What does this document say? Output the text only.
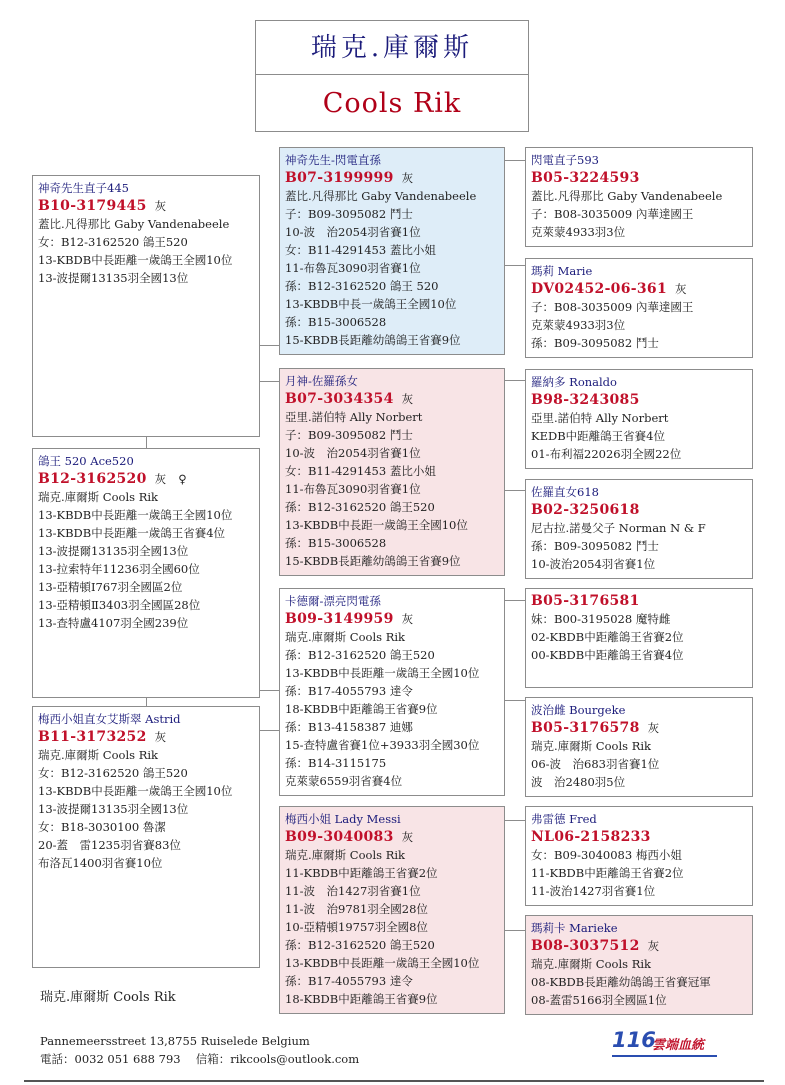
瑞克.庫爾斯
Cools Rik
神奇先生直子445
B10-3179445 灰
蓋比.凡得那比 Gaby Vandenabeele
女：B12-3162520 鴿王520
13-KBDB中長距離一歲鴿王全國10位
13-波提爾13135羽全國13位
鴿王 520 Ace520
B12-3162520 灰　♀
瑞克.庫爾斯 Cools Rik
13-KBDB中長距離一歲鴿王全國10位
13-KBDB中長距離一歲鴿王省賽4位
13-波提爾13135羽全國13位
13-拉索特年11236羽全國60位
13-亞精頓Ⅰ767羽全國區2位
13-亞精頓Ⅱ3403羽全國區28位
13-查特盧4107羽全國239位
梅西小姐直女艾斯翠 Astrid
B11-3173252 灰
瑞克.庫爾斯 Cools Rik
女：B12-3162520 鴿王520
13-KBDB中長距離一歲鴿王全國10位
13-波提爾13135羽全國13位
女：B18-3030100 魯潔
20-蓋　雷1235羽省賽83位
布洛瓦1400羽省賽10位
神奇先生-閃電直孫
B07-3199999 灰
蓋比.凡得那比 Gaby Vandenabeele
子：B09-3095082 鬥士
10-波　治2054羽省賽1位
女：B11-4291453 蓋比小姐
11-布魯瓦3090羽省賽1位
孫：B12-3162520 鴿王 520
13-KBDB中長一歲鴿王全國10位
孫：B15-3006528
15-KBDB長距離幼鴿鴿王省賽9位
月神-佐羅孫女
B07-3034354 灰
亞里.諾伯特 Ally Norbert
子：B09-3095082 鬥士
10-波　治2054羽省賽1位
女：B11-4291453 蓋比小姐
11-布魯瓦3090羽省賽1位
孫：B12-3162520 鴿王520
13-KBDB中長距一歲鴿王全國10位
孫：B15-3006528
15-KBDB長距離幼鴿鴿王省賽9位
卡德爾-漂亮閃電孫
B09-3149959 灰
瑞克.庫爾斯 Cools Rik
孫：B12-3162520 鴿王520
13-KBDB中長距離一歲鴿王全國10位
孫：B17-4055793 達令
18-KBDB中距離鴿王省賽9位
孫：B13-4158387 迪娜
15-查特盧省賽1位+3933羽全國30位
孫：B14-3115175
克萊蒙6559羽省賽4位
梅西小姐 Lady Messi
B09-3040083 灰
瑞克.庫爾斯 Cools Rik
11-KBDB中距離鴿王省賽2位
11-波　治1427羽省賽1位
11-波　治9781羽全國28位
10-亞精頓19757羽全國8位
孫：B12-3162520 鴿王520
13-KBDB中長距離一歲鴿王全國10位
孫：B17-4055793 達令
18-KBDB中距離鴿王省賽9位
閃電直子593
B05-3224593
蓋比.凡得那比 Gaby Vandenabeele
子：B08-3035009 內華達國王
克萊蒙4933羽3位
瑪莉 Marie
DV02452-06-361 灰
子：B08-3035009 內華達國王
克萊蒙4933羽3位
孫：B09-3095082 鬥士
羅納多 Ronaldo
B98-3243085
亞里.諾伯特 Ally Norbert
KEDB中距離鴿王省賽4位
01-布利福22026羽全國22位
佐羅直女618
B02-3250618
尼古拉.諾曼父子 Norman N & F
孫：B09-3095082 鬥士
10-波治2054羽省賽1位
B05-3176581
妹：B00-3195028 魔特雌
02-KBDB中距離鴿王省賽2位
00-KBDB中距離鴿王省賽4位
波治雌 Bourgeke
B05-3176578 灰
瑞克.庫爾斯 Cools Rik
06-波　治683羽省賽1位
波　治2480羽5位
弗雷德 Fred
NL06-2158233
女：B09-3040083 梅西小姐
11-KBDB中距離鴿王省賽2位
11-波治1427羽省賽1位
瑪莉卡 Marieke
B08-3037512 灰
瑞克.庫爾斯 Cools Rik
08-KBDB長距離幼鴿鴿王省賽冠軍
08-蓋雷5166羽全國區1位
瑞克.庫爾斯 Cools Rik
Pannemeersstreet 13,8755 Ruiselede Belgium
電話：0032 051 688 793　 信箱：rikcools@outlook.com
116
雲端血統
